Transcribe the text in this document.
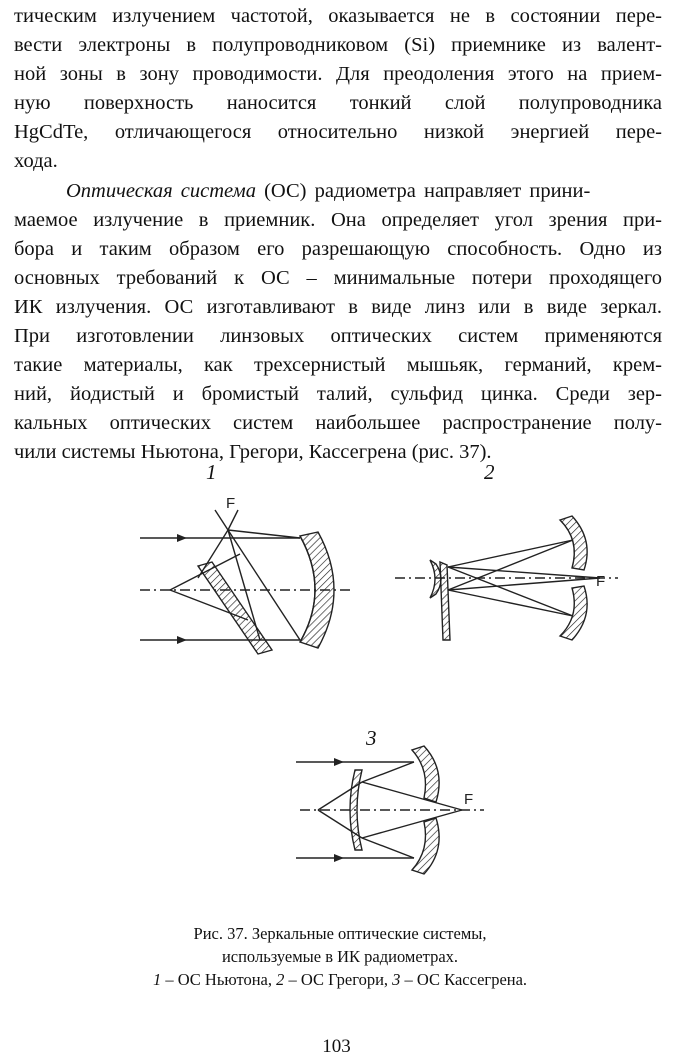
тическим излучением частотой, оказывается не в состоянии пере-
вести электроны в полупроводниковом (Si) приемнике из валент-
ной зоны в зону проводимости. Для преодоления этого на прием-
ную поверхность наносится тонкий слой полупроводника
HgCdTe, отличающегося относительно низкой энергией пере-
хода.

Оптическая система (ОС) радиометра направляет прини-
маемое излучение в приемник. Она определяет угол зрения при-
бора и таким образом его разрешающую способность. Одно из
основных требований к ОС – минимальные потери проходящего
ИК излучения. ОС изготавливают в виде линз или в виде зеркал.
При изготовлении линзовых оптических систем применяются
такие материалы, как трехсернистый мышьяк, германий, крем-
ний, йодистый и бромистый талий, сульфид цинка. Среди зер-
кальных оптических систем наибольшее распространение полу-
чили системы Ньютона, Грегори, Кассегрена (рис. 37).

F
F
F
1	2
3
Рис. 37. Зеркальные оптические системы,
используемые в ИК радиометрах.
1 – ОС Ньютона, 2 – ОС Грегори, 3 – ОС Кассегрена.
103
